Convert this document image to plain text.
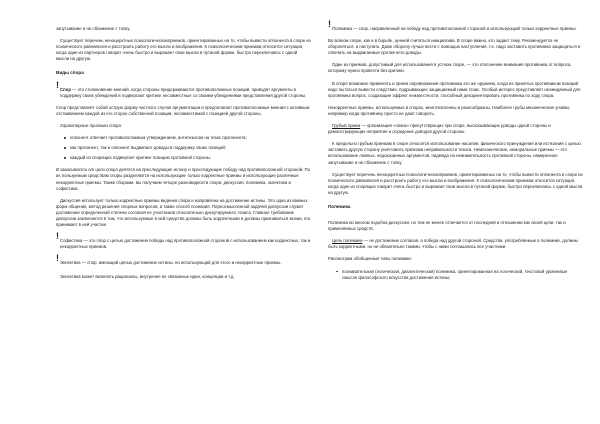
запутывание и не сближение с толку.

Существует перечень неноцерктных психологическоиприемов, ориентированных на то, чтобы вывести оппонента в споре из психического равновесия и расстроить работу его мысли и воображения. К психологическим приемам относится ситуация, когда один из партнеров говорит очень быстро и выражает свои мысли в путаной форме, быстро переключаясь с одной мысли на другую.

Виды спора
! Спор — это столкновение мнений, когда стороны придерживаются противоположных позиций, приводят аргументы в поддержку своих убеждений и подвергают критике несовместные со своими убеждениями представления другой стороны.

Спор представляет собой острую форму частного случая аргументации и предполагает противоположные мнения с активным отстаиванием каждой из его сторон собственной позиции, несовместимой с позицией другой стороны.

Характерные признаки спора:

оппонент отвечает противоположным утверждением, антитезисом на тезис пропонента;
как пропонент, так и оппонент выдвигают доводы в поддержку своих позиций;
каждый из спорящих подвергает критике позицию противной стороны.

В зависимости от цели спора делятся на преследующие истину и преследующие победу над противоположной стороной. По их пользуемым средствам споры разделяются на использующие только корректные приемы и использующие различные некорректные приемы. Также сборами, вы получаем четыре разновидности спора: дискуссия, полемика, эклектика и софистика.

Дискуссия использует только корректные приемы ведения спора и направлена на достижение истины. Это одна из важных форм общения, метод решения спорных вопросов, а также способ познания. Переосмысленной задачей дискуссии служит достижение определенной степени согласия ее участников относительно дискутируемого тезиса. Главное требование дискуссии заключается в том, что используемые в ней средства должны быть корректными и должны признаваться всеми, кто принимает в ней участие.

! Софистика — это спор с целью достижения победы над противоположной стороной с использованием как корректных, так и некорректных приемов.
! Эклектика — спор, имеющий целью достижение истины, но использующий для этого и некорректные приемы.

Эклектика может включать рационалы, внутренне не связанные идеи, концепции и т.д.

! Полемика — спор, направленный на победу над противоположной стороной и использующий только корректные приемы.

Во всяком споре, как и в борьбе, ценней считаться инициатива. В споре важно, кто задает тему. Рекомендуется не обороняться, а наступать. Даже оборону лучше вести с помощью наступления, т.е. надо заставить противника защищаться и отвечать на выдвигаемые против него доводы.

Один из приемов, допустимый для использования в устном споре, — это отклонение внимания противника от вопроса, которому нужно провести без критики.

В споре возможно применять и прием опровержения противника его же оружием, когда из принятых противником позиций надо пытаться вывести следствие, подрывающее защищаемый нами тезис. Особый интерес представляет неожиданный для противника вопрос, создающие эффект неизвестности, способный дезориентировать противника по ходу спора.

Некорректные приемы, используемые в спорах, многочисленны и разнообразны. Наиболее грубы механические уловки, например когда противнику просто не дают говорить.

Грубый прием — организация «своих» присутствующих при споре, высказывающих доводы одной стороны и демонстрирующих неприятие и осуждение доводов другой стороны.

К предельно грубым приемам в споре относится использование насилия, физического принуждения или истязания с целью заставить другую сторону уничтожить признаки неправильности тезиса. Немеханические, неморальные приемы — это использование ложных, недоказанных аргументов, надежда на неинмательность противной стороны, намеренное запутывание и не сближение с толку.

Существует перечень неноцерктных психологическоиприемов, ориентированных на то, чтобы вывести оппонента в споре из психического равновесия и расстроить работу его мысли и воображения. К психологическим приемам относится ситуация, когда один из спорящих говорит очень быстро и выражает свои мысли в путаной форме, быстро переключаясь с одной мысли на другую.

Полемика

Полемика во многом подобна дискуссии, но тем не менее отличается от последней и отношении как своей цели, так и применяемых средств.

Цель полемики — не достижение согласия, а победа над другой стороной. Средства, употребляемые в полемике, должны быть корректными, но не обязательно такими, чтобы с ними соглашались все участники.

Рассмотрим обобщенные типы полемики:

познавательная (логическая, диалектическая) полемика, ориентированная на логический, текстовой уровневые смысле философского искусства достижения истины;
